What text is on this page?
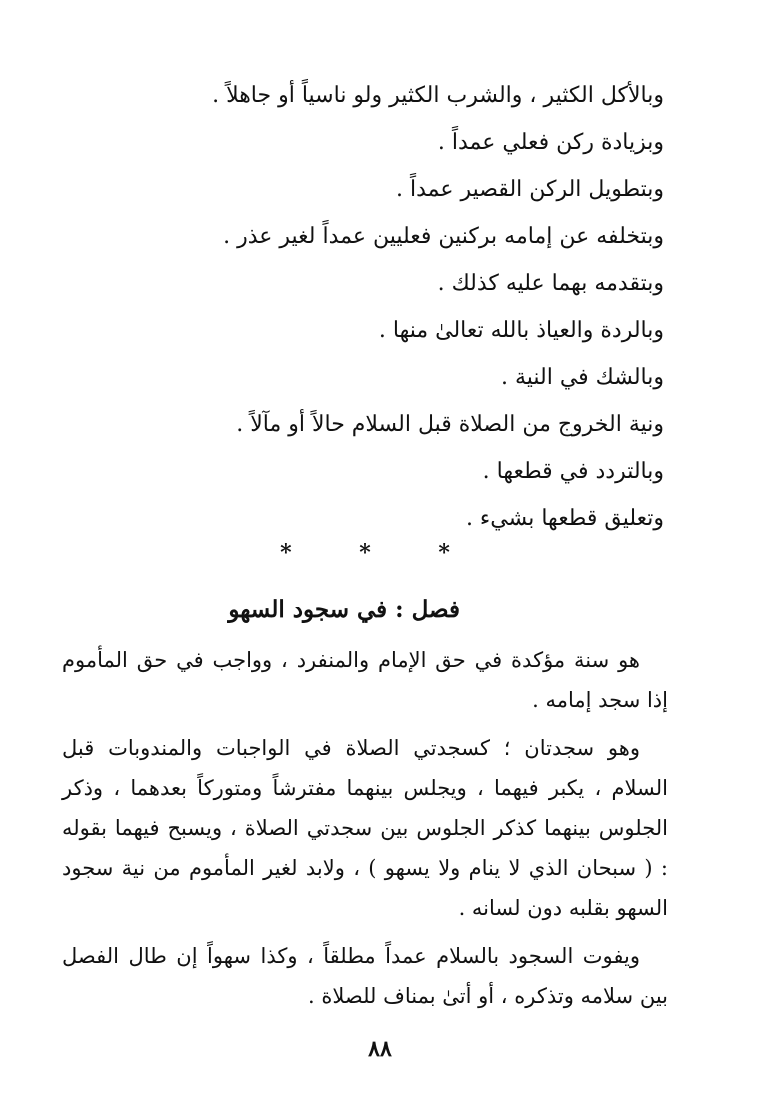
وبالأكل الكثير ، والشرب الكثير ولو ناسياً أو جاهلاً .
وبزيادة ركن فعلي عمداً .
وبتطويل الركن القصير عمداً .
وبتخلفه عن إمامه بركنين فعليين عمداً لغير عذر .
وبتقدمه بهما عليه كذلك .
وبالردة والعياذ بالله تعالىٰ منها .
وبالشك في النية .
ونية الخروج من الصلاة قبل السلام حالاً أو مآلاً .
وبالتردد في قطعها .
وتعليق قطعها بشيء .
* * *
فصل : في سجود السهو

هو سنة مؤكدة في حق الإمام والمنفرد ، وواجب في حق المأموم إذا سجد إمامه .

وهو سجدتان ؛ كسجدتي الصلاة في الواجبات والمندوبات قبل السلام ، يكبر فيهما ، ويجلس بينهما مفترشاً ومتوركاً بعدهما ، وذكر الجلوس بينهما كذكر الجلوس بين سجدتي الصلاة ، ويسبح فيهما بقوله : ( سبحان الذي لا ينام ولا يسهو ) ، ولابد لغير المأموم من نية سجود السهو بقلبه دون لسانه .

ويفوت السجود بالسلام عمداً مطلقاً ، وكذا سهواً إن طال الفصل بين سلامه وتذكره ، أو أتىٰ بمناف للصلاة .

٨٨
